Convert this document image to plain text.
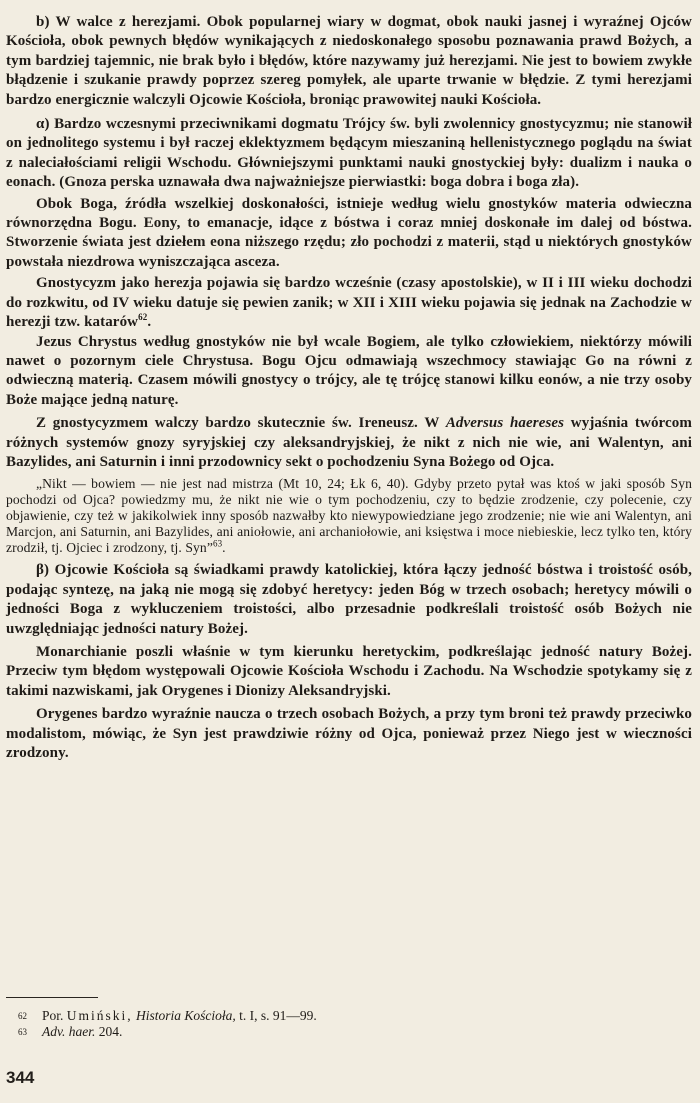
b) W walce z herezjami. Obok popularnej wiary w dogmat, obok nauki jasnej i wyraźnej Ojców Kościoła, obok pewnych błędów wynikających z niedoskonałego sposobu poznawania prawd Bożych, a tym bardziej tajemnic, nie brak było i błędów, które nazywamy już herezjami. Nie jest to bowiem zwykłe błądzenie i szukanie prawdy poprzez szereg pomyłek, ale uparte trwanie w błędzie. Z tymi herezjami bardzo energicznie walczyli Ojcowie Kościoła, broniąc prawowitej nauki Kościoła.

α) Bardzo wczesnymi przeciwnikami dogmatu Trójcy św. byli zwolennicy gnostycyzmu; nie stanowił on jednolitego systemu i był raczej eklektyzmem będącym mieszaniną hellenistycznego poglądu na świat z naleciałościami religii Wschodu. Główniejszymi punktami nauki gnostyckiej były: dualizm i nauka o eonach. (Gnoza perska uznawała dwa najważniejsze pierwiastki: boga dobra i boga zła).

Obok Boga, źródła wszelkiej doskonałości, istnieje według wielu gnostyków materia odwieczna równorzędna Bogu. Eony, to emanacje, idące z bóstwa i coraz mniej doskonałe im dalej od bóstwa. Stworzenie świata jest dziełem eona niższego rzędu; zło pochodzi z materii, stąd u niektórych gnostyków powstała niezdrowa wyniszczająca asceza.

Gnostycyzm jako herezja pojawia się bardzo wcześnie (czasy apostolskie), w II i III wieku dochodzi do rozkwitu, od IV wieku datuje się pewien zanik; w XII i XIII wieku pojawia się jednak na Zachodzie w herezji tzw. katarów$^{62}$.

Jezus Chrystus według gnostyków nie był wcale Bogiem, ale tylko człowiekiem, niektórzy mówili nawet o pozornym ciele Chrystusa. Bogu Ojcu odmawiają wszechmocy stawiając Go na równi z odwieczną materią. Czasem mówili gnostycy o trójcy, ale tę trójcę stanowi kilku eonów, a nie trzy osoby Boże mające jedną naturę.

Z gnostycyzmem walczy bardzo skutecznie św. Ireneusz. W Adversus haereses wyjaśnia twórcom różnych systemów gnozy syryjskiej czy aleksandryjskiej, że nikt z nich nie wie, ani Walentyn, ani Bazylides, ani Saturnin i inni przodownicy sekt o pochodzeniu Syna Bożego od Ojca.

„Nikt — bowiem — nie jest nad mistrza (Mt 10, 24; Łk 6, 40). Gdyby przeto pytał was ktoś w jaki sposób Syn pochodzi od Ojca? powiedzmy mu, że nikt nie wie o tym pochodzeniu, czy to będzie zrodzenie, czy polecenie, czy objawienie, czy też w jakikolwiek inny sposób nazwałby kto niewypowiedziane jego zrodzenie; nie wie ani Walentyn, ani Marcjon, ani Saturnin, ani Bazylides, ani aniołowie, ani archaniołowie, ani księstwa i moce niebieskie, lecz tylko ten, który zrodził, tj. Ojciec i zrodzony, tj. Syn”$^{63}$.

β) Ojcowie Kościoła są świadkami prawdy katolickiej, która łączy jedność bóstwa i troistość osób, podając syntezę, na jaką nie mogą się zdobyć heretycy: jeden Bóg w trzech osobach; heretycy mówili o jedności Boga z wykluczeniem troistości, albo przesadnie podkreślali troistość osób Bożych nie uwzględniając jedności natury Bożej.

Monarchianie poszli właśnie w tym kierunku heretyckim, podkreślając jedność natury Bożej. Przeciw tym błędom występowali Ojcowie Kościoła Wschodu i Zachodu. Na Wschodzie spotykamy się z takimi nazwiskami, jak Orygenes i Dionizy Aleksandryjski.

Orygenes bardzo wyraźnie naucza o trzech osobach Bożych, a przy tym broni też prawdy przeciwko modalistom, mówiąc, że Syn jest prawdziwie różny od Ojca, ponieważ przez Niego jest w wieczności zrodzony.

62	Por. Umiński, Historia Kościoła, t. I, s. 91—99.
63	Adv. haer. 204.
344
